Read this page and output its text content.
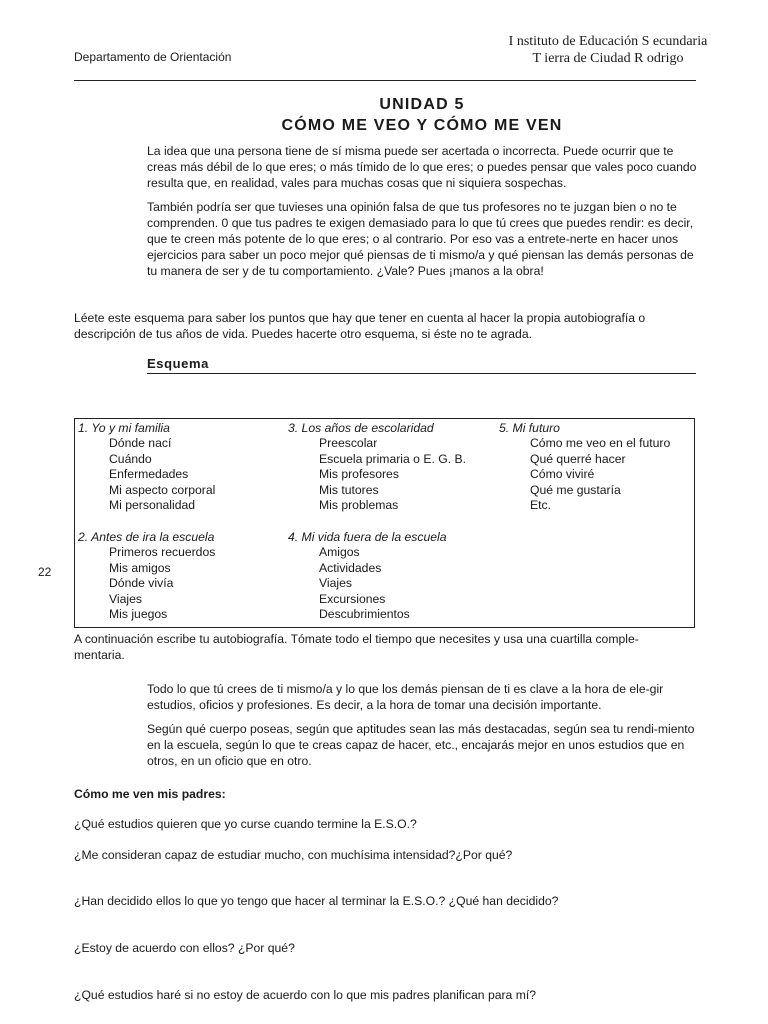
Departamento de Orientación
I nstituto de Educación S ecundaria
T ierra de Ciudad R odrigo
UNIDAD 5
CÓMO ME VEO Y CÓMO ME VEN

La idea que una persona tiene de sí misma puede ser acertada o incorrecta. Puede ocurrir que te creas más débil de lo que eres; o más tímido de lo que eres; o puedes pensar que vales poco cuando resulta que, en realidad, vales para muchas cosas que ni siquiera sospechas.

También podría ser que tuvieses una opinión falsa de que tus profesores no te juzgan bien o no te comprenden. 0 que tus padres te exigen demasiado para lo que tú crees que puedes rendir: es decir, que te creen más potente de lo que eres; o al contrario. Por eso vas a entrete-nerte en hacer unos ejercicios para saber un poco mejor qué piensas de ti mismo/a y qué piensan las demás personas de tu manera de ser y de tu comportamiento. ¿Vale? Pues ¡manos a la obra!

Léete este esquema para saber los puntos que hay que tener en cuenta al hacer la propia autobiografía o descripción de tus años de vida. Puedes hacerte otro esquema, si éste no te agrada.
Esquema
1. Yo y mi familia
Dónde nací
Cuándo
Enfermedades
Mi aspecto corporal
Mi personalidad
2. Antes de ira la escuela
Primeros recuerdos
Mis amigos
Dónde vivía
Viajes
Mis juegos
3. Los años de escolaridad
Preescolar
Escuela primaria o E. G. B.
Mis profesores
Mis tutores
Mis problemas
4. Mi vida fuera de la escuela
Amigos
Actividades
Viajes
Excursiones
Descubrimientos
5. Mi futuro
Cómo me veo en el futuro
Qué querré hacer
Cómo viviré
Qué me gustaría
Etc.
22
A continuación escribe tu autobiografía. Tómate todo el tiempo que necesites y usa una cuartilla comple-mentaria.

Todo lo que tú crees de ti mismo/a y lo que los demás piensan de ti es clave a la hora de ele-gir estudios, oficios y profesiones. Es decir, a la hora de tomar una decisión importante.

Según qué cuerpo poseas, según que aptitudes sean las más destacadas, según sea tu rendi-miento en la escuela, según lo que te creas capaz de hacer, etc., encajarás mejor en unos estudios que en otros, en un oficio que en otro.

Cómo me ven mis padres:
¿Qué estudios quieren que yo curse cuando termine la E.S.O.?
¿Me consideran capaz de estudiar mucho, con muchísima intensidad?¿Por qué?
¿Han decidido ellos lo que yo tengo que hacer al terminar la E.S.O.? ¿Qué han decidido?
¿Estoy de acuerdo con ellos? ¿Por qué?
¿Qué estudios haré si no estoy de acuerdo con lo que mis padres planifican para mí?
